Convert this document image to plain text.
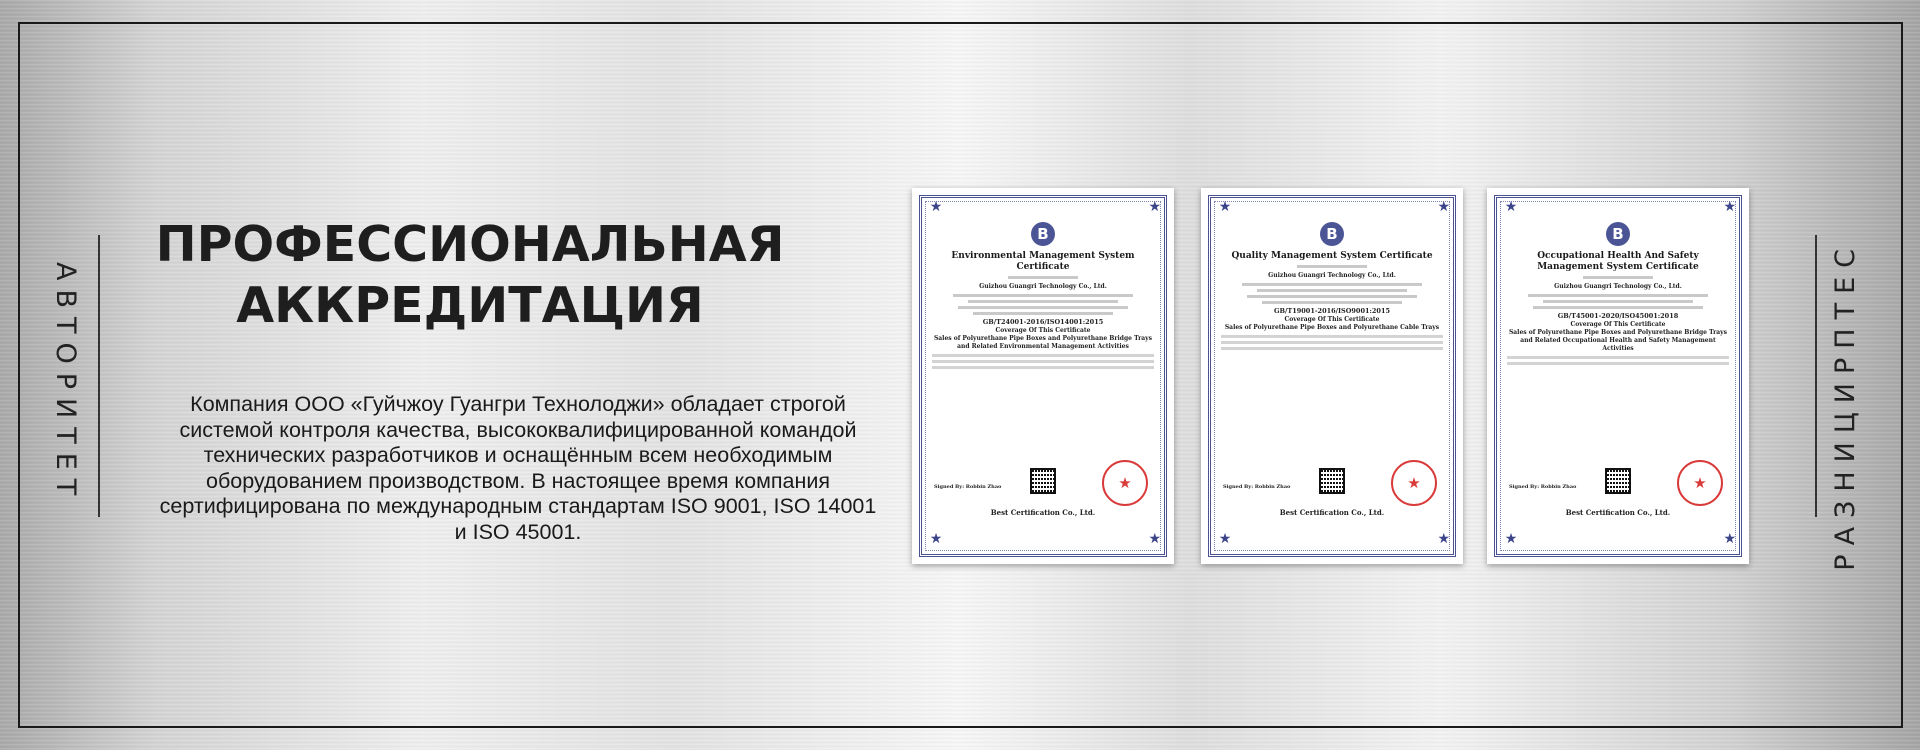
АВТОРИТЕТ	РАЗНИЦИРПТЕС
ПРОФЕССИОНАЛЬНАЯ
АККРЕДИТАЦИЯ

Компания ООО «Гуйчжоу Гуангри Технолоджи» обладает строгой системой контроля качества, высококвалифицированной командой технических разработчиков и оснащённым всем необходимым оборудованием производством. В настоящее время компания сертифицирована по международным стандартам ISO 9001, ISO 14001 и ISO 45001.

★	★
★	★
B
Environmental Management System Certificate
Guizhou Guangri Technology Co., Ltd.
GB/T24001-2016/ISO14001:2015
Coverage Of This Certificate
Sales of Polyurethane Pipe Boxes and Polyurethane Bridge Trays and Related Environmental Management Activities
★
Signed By: Robbin Zhao
Best Certification Co., Ltd.
★	★
★	★
B
Quality Management System Certificate
Guizhou Guangri Technology Co., Ltd.
GB/T19001-2016/ISO9001:2015
Coverage Of This Certificate
Sales of Polyurethane Pipe Boxes and Polyurethane Cable Trays
★
Signed By: Robbin Zhao
Best Certification Co., Ltd.
★	★
★	★
B
Occupational Health And Safety Management System Certificate
Guizhou Guangri Technology Co., Ltd.
GB/T45001-2020/ISO45001:2018
Coverage Of This Certificate
Sales of Polyurethane Pipe Boxes and Polyurethane Bridge Trays and Related Occupational Health and Safety Management Activities
★
Signed By: Robbin Zhao
Best Certification Co., Ltd.
